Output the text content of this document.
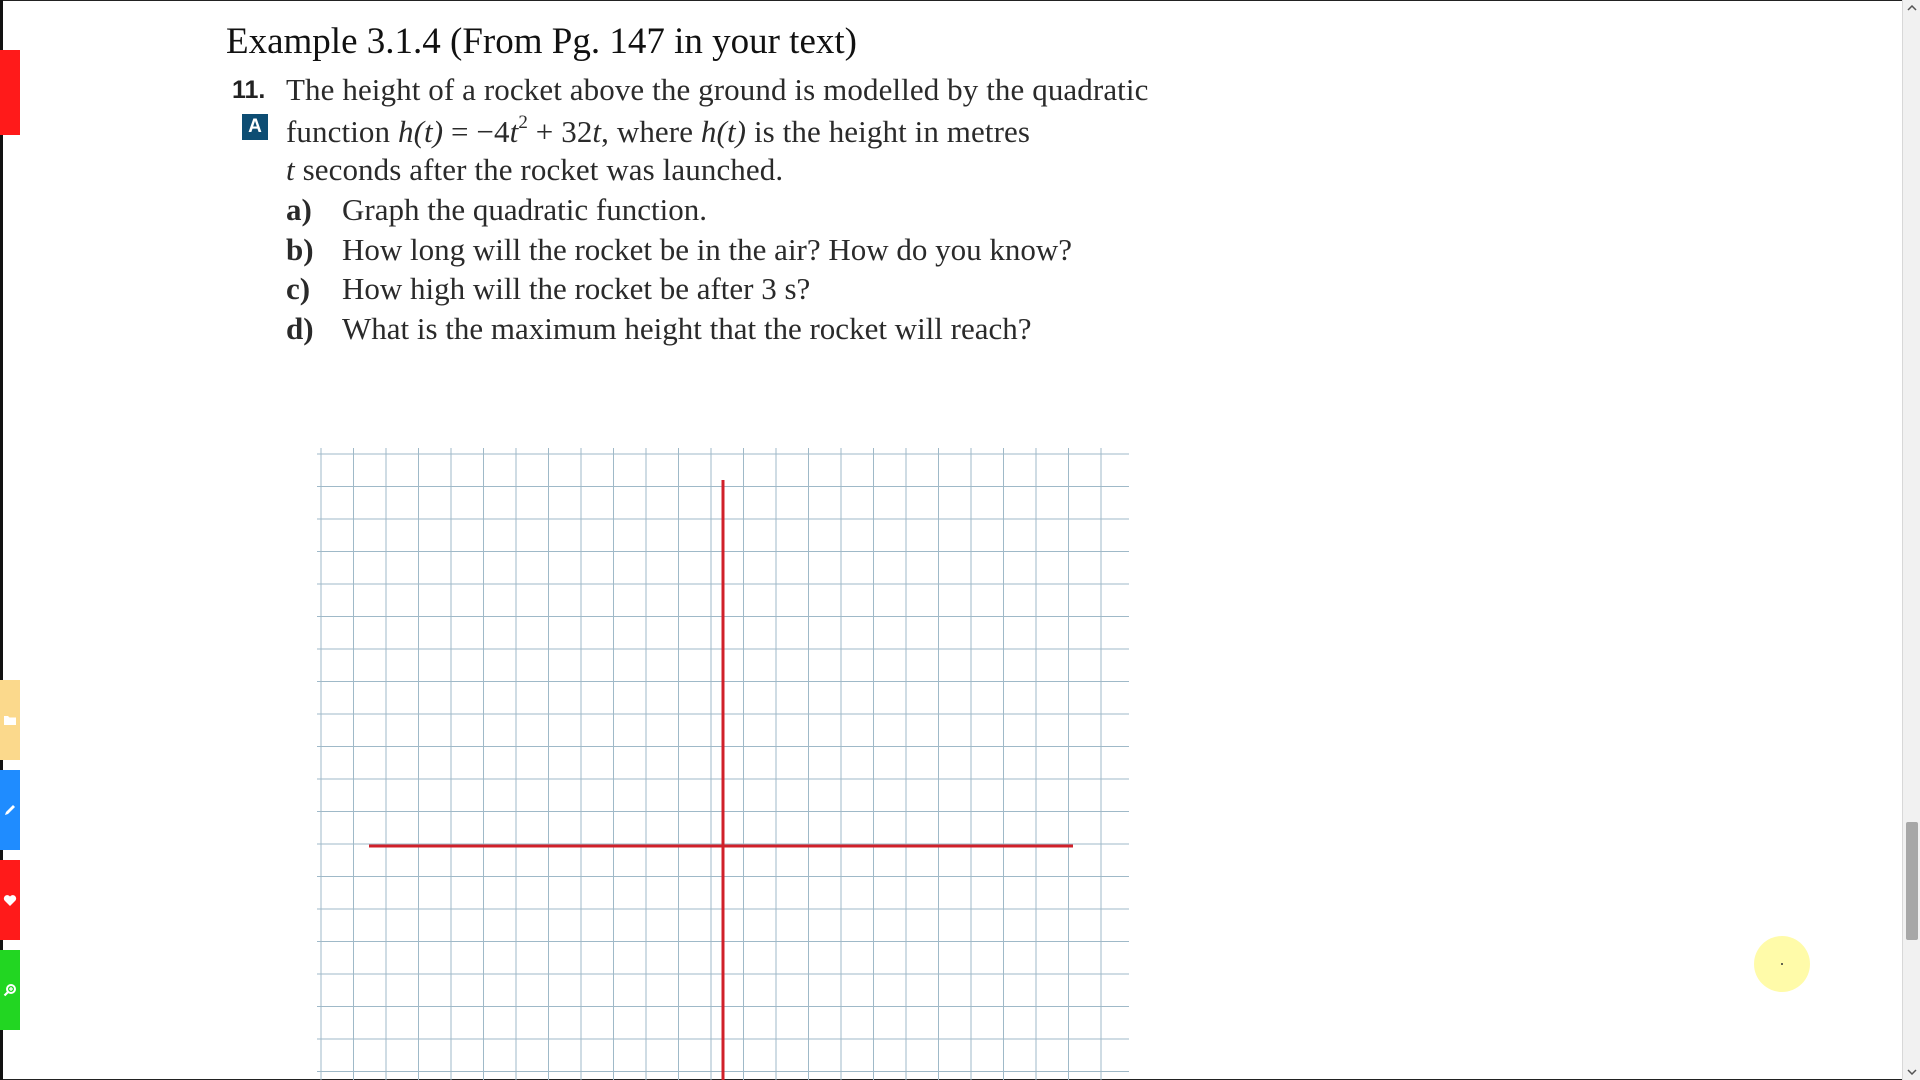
Example 3.1.4 (From Pg. 147 in your text)
11.
A
The height of a rocket above the ground is modelled by the quadratic
function $h(t) = -4t^2 + 32t$, where h(t) is the height in metres
t seconds after the rocket was launched.
a) Graph the quadratic function.
b) How long will the rocket be in the air? How do you know?
c) How high will the rocket be after 3 s?
d) What is the maximum height that the rocket will reach?
